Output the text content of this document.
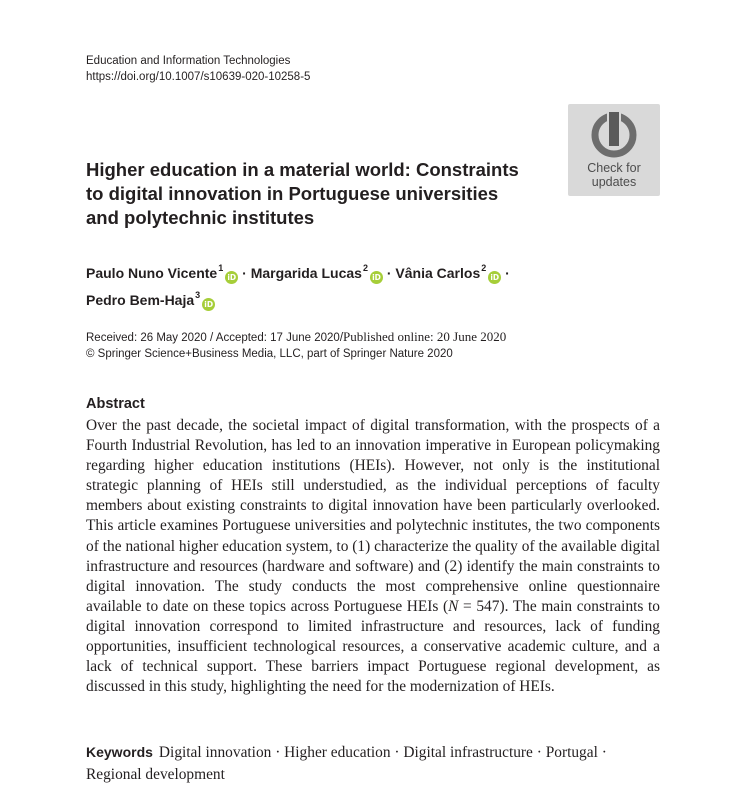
Education and Information Technologies
https://doi.org/10.1007/s10639-020-10258-5
Check for
updates
Higher education in a material world: Constraints to digital innovation in Portuguese universities and polytechnic institutes
Paulo Nuno Vicente$^1$iD · Margarida Lucas$^2$iD · Vânia Carlos$^2$iD ·
Pedro Bem-Haja$^3$iD
Received: 26 May 2020 / Accepted: 17 June 2020/Published online: 20 June 2020
© Springer Science+Business Media, LLC, part of Springer Nature 2020
Abstract
Over the past decade, the societal impact of digital transformation, with the prospects of a Fourth Industrial Revolution, has led to an innovation imperative in European policymaking regarding higher education institutions (HEIs). However, not only is the institutional strategic planning of HEIs still understudied, as the individual perceptions of faculty members about existing constraints to digital innovation have been particularly overlooked. This article examines Portuguese universities and polytechnic institutes, the two components of the national higher education system, to (1) characterize the quality of the available digital infrastructure and resources (hardware and software) and (2) identify the main constraints to digital innovation. The study conducts the most comprehensive online questionnaire available to date on these topics across Portuguese HEIs (N = 547). The main constraints to digital innovation correspond to limited infrastructure and resources, lack of funding opportunities, insufficient technological resources, a conservative academic culture, and a lack of technical support. These barriers impact Portuguese regional development, as discussed in this study, highlighting the need for the modernization of HEIs.
Keywords Digital innovation · Higher education · Digital infrastructure · Portugal · Regional development
